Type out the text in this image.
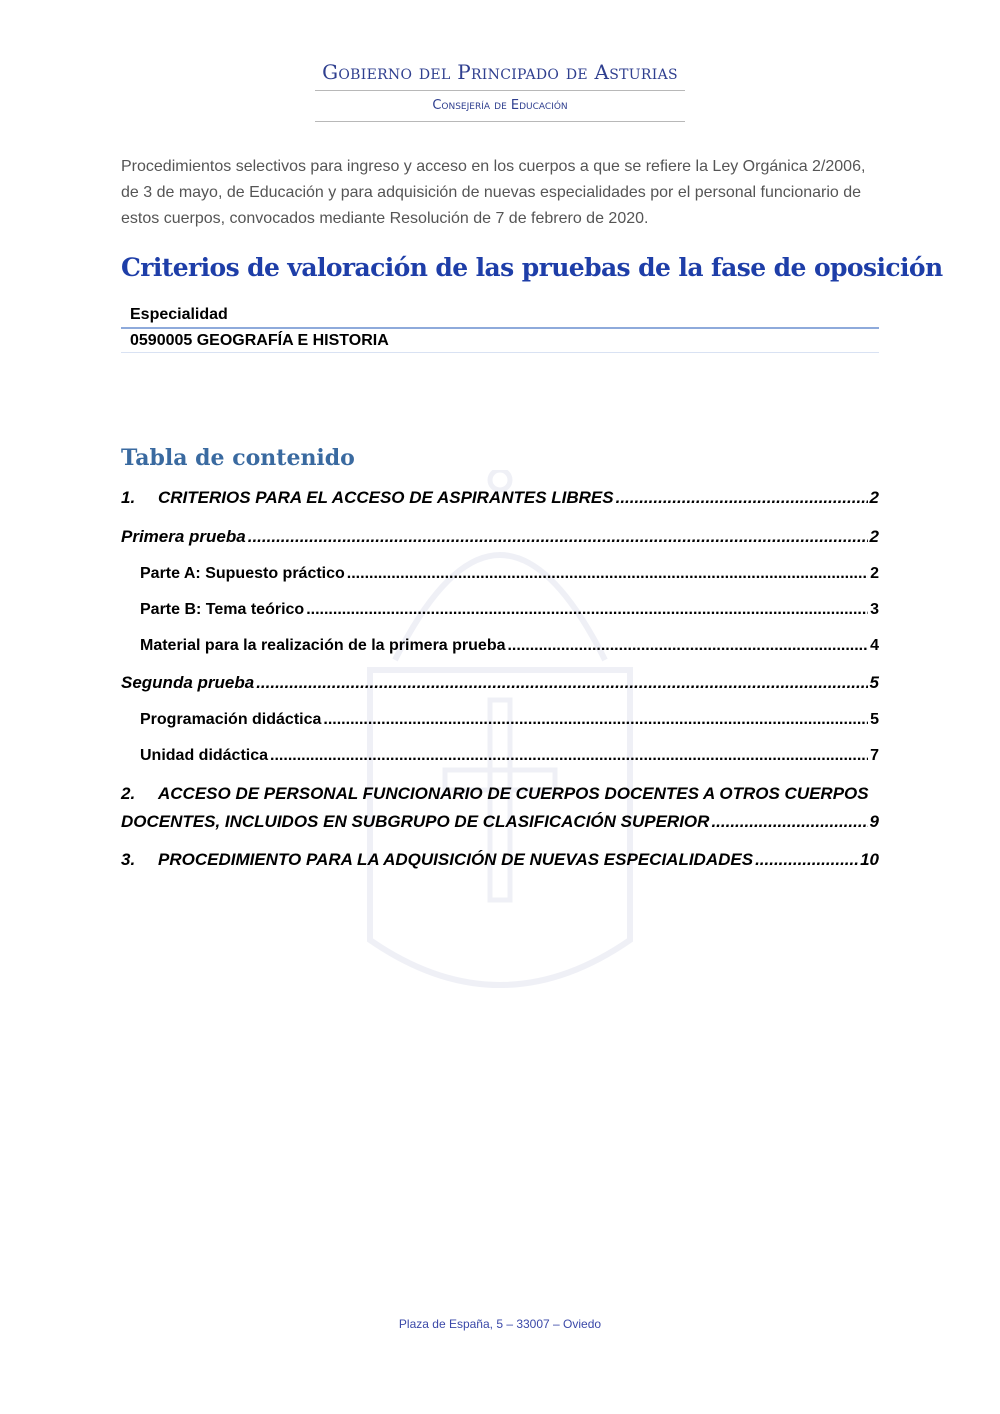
Gobierno del Principado de Asturias
Consejería de Educación
Procedimientos selectivos para ingreso y acceso en los cuerpos a que se refiere la Ley Orgánica 2/2006, de 3 de mayo, de Educación y para adquisición de nuevas especialidades por el personal funcionario de estos cuerpos, convocados mediante Resolución de 7 de febrero de 2020.
Criterios de valoración de las pruebas de la fase de oposición
Especialidad
0590005 GEOGRAFÍA E HISTORIA
Tabla de contenido
1. CRITERIOS PARA EL ACCESO DE ASPIRANTES LIBRES .....	2
Primera prueba .....	2
Parte A: Supuesto práctico .....	2
Parte B: Tema teórico .....	3
Material para la realización de la primera prueba .....	4
Segunda prueba .....	5
Programación didáctica .....	5
Unidad didáctica .....	7
2. ACCESO DE PERSONAL FUNCIONARIO DE CUERPOS DOCENTES A OTROS CUERPOS
DOCENTES, INCLUIDOS EN SUBGRUPO DE CLASIFICACIÓN SUPERIOR .....	9
3. PROCEDIMIENTO PARA LA ADQUISICIÓN DE NUEVAS ESPECIALIDADES .....	10
Plaza de España, 5 – 33007 – Oviedo
